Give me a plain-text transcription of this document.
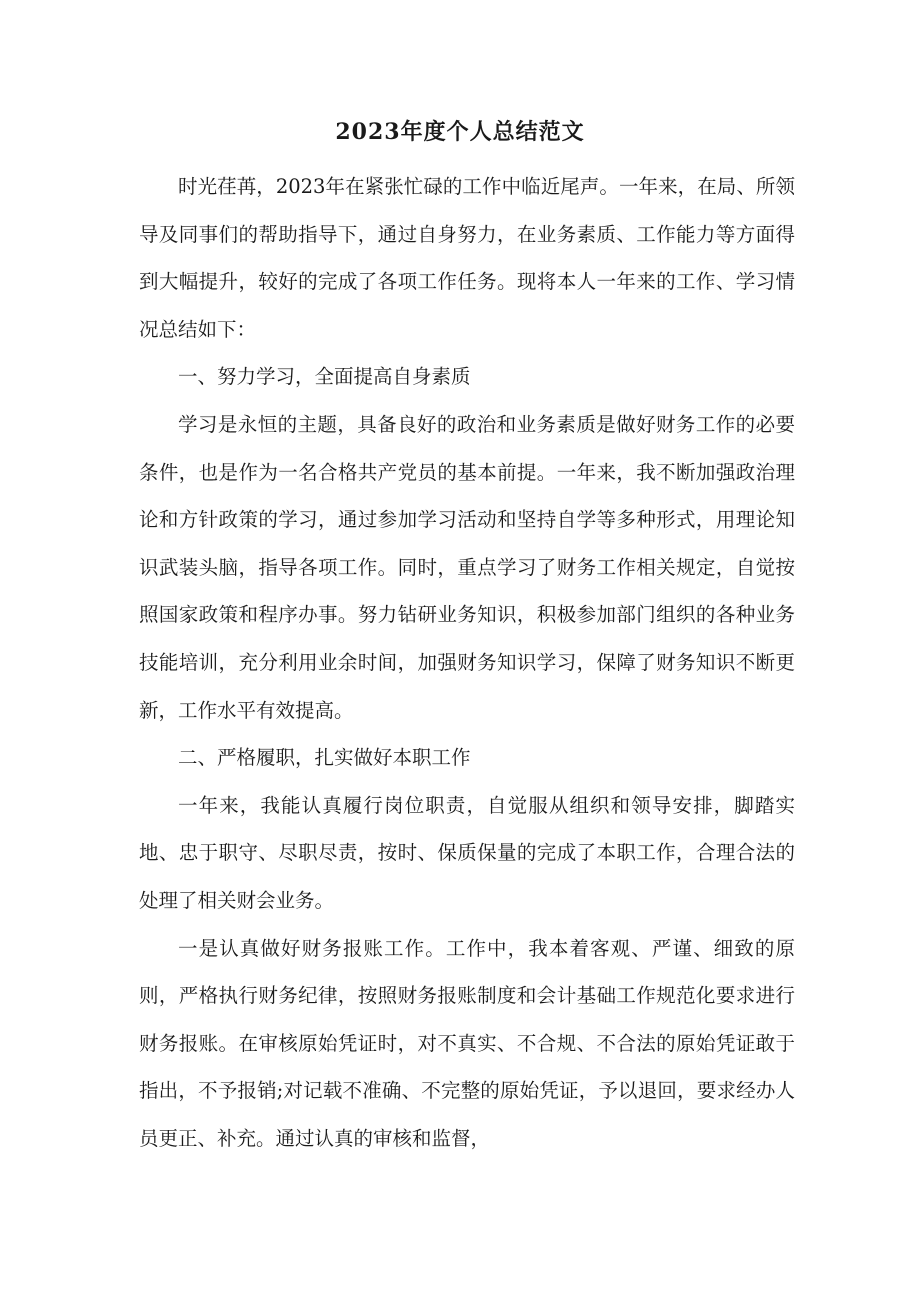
2023年度个人总结范文

时光荏苒，2023年在紧张忙碌的工作中临近尾声。一年来，在局、所领导及同事们的帮助指导下，通过自身努力，在业务素质、工作能力等方面得到大幅提升，较好的完成了各项工作任务。现将本人一年来的工作、学习情况总结如下：

一、努力学习，全面提高自身素质

学习是永恒的主题，具备良好的政治和业务素质是做好财务工作的必要条件，也是作为一名合格共产党员的基本前提。一年来，我不断加强政治理论和方针政策的学习，通过参加学习活动和坚持自学等多种形式，用理论知识武装头脑，指导各项工作。同时，重点学习了财务工作相关规定，自觉按照国家政策和程序办事。努力钻研业务知识，积极参加部门组织的各种业务技能培训，充分利用业余时间，加强财务知识学习，保障了财务知识不断更新，工作水平有效提高。

二、严格履职，扎实做好本职工作

一年来，我能认真履行岗位职责，自觉服从组织和领导安排，脚踏实地、忠于职守、尽职尽责，按时、保质保量的完成了本职工作，合理合法的处理了相关财会业务。

一是认真做好财务报账工作。工作中，我本着客观、严谨、细致的原则，严格执行财务纪律，按照财务报账制度和会计基础工作规范化要求进行财务报账。在审核原始凭证时，对不真实、不合规、不合法的原始凭证敢于指出，不予报销;对记载不准确、不完整的原始凭证，予以退回，要求经办人员更正、补充。通过认真的审核和监督，
